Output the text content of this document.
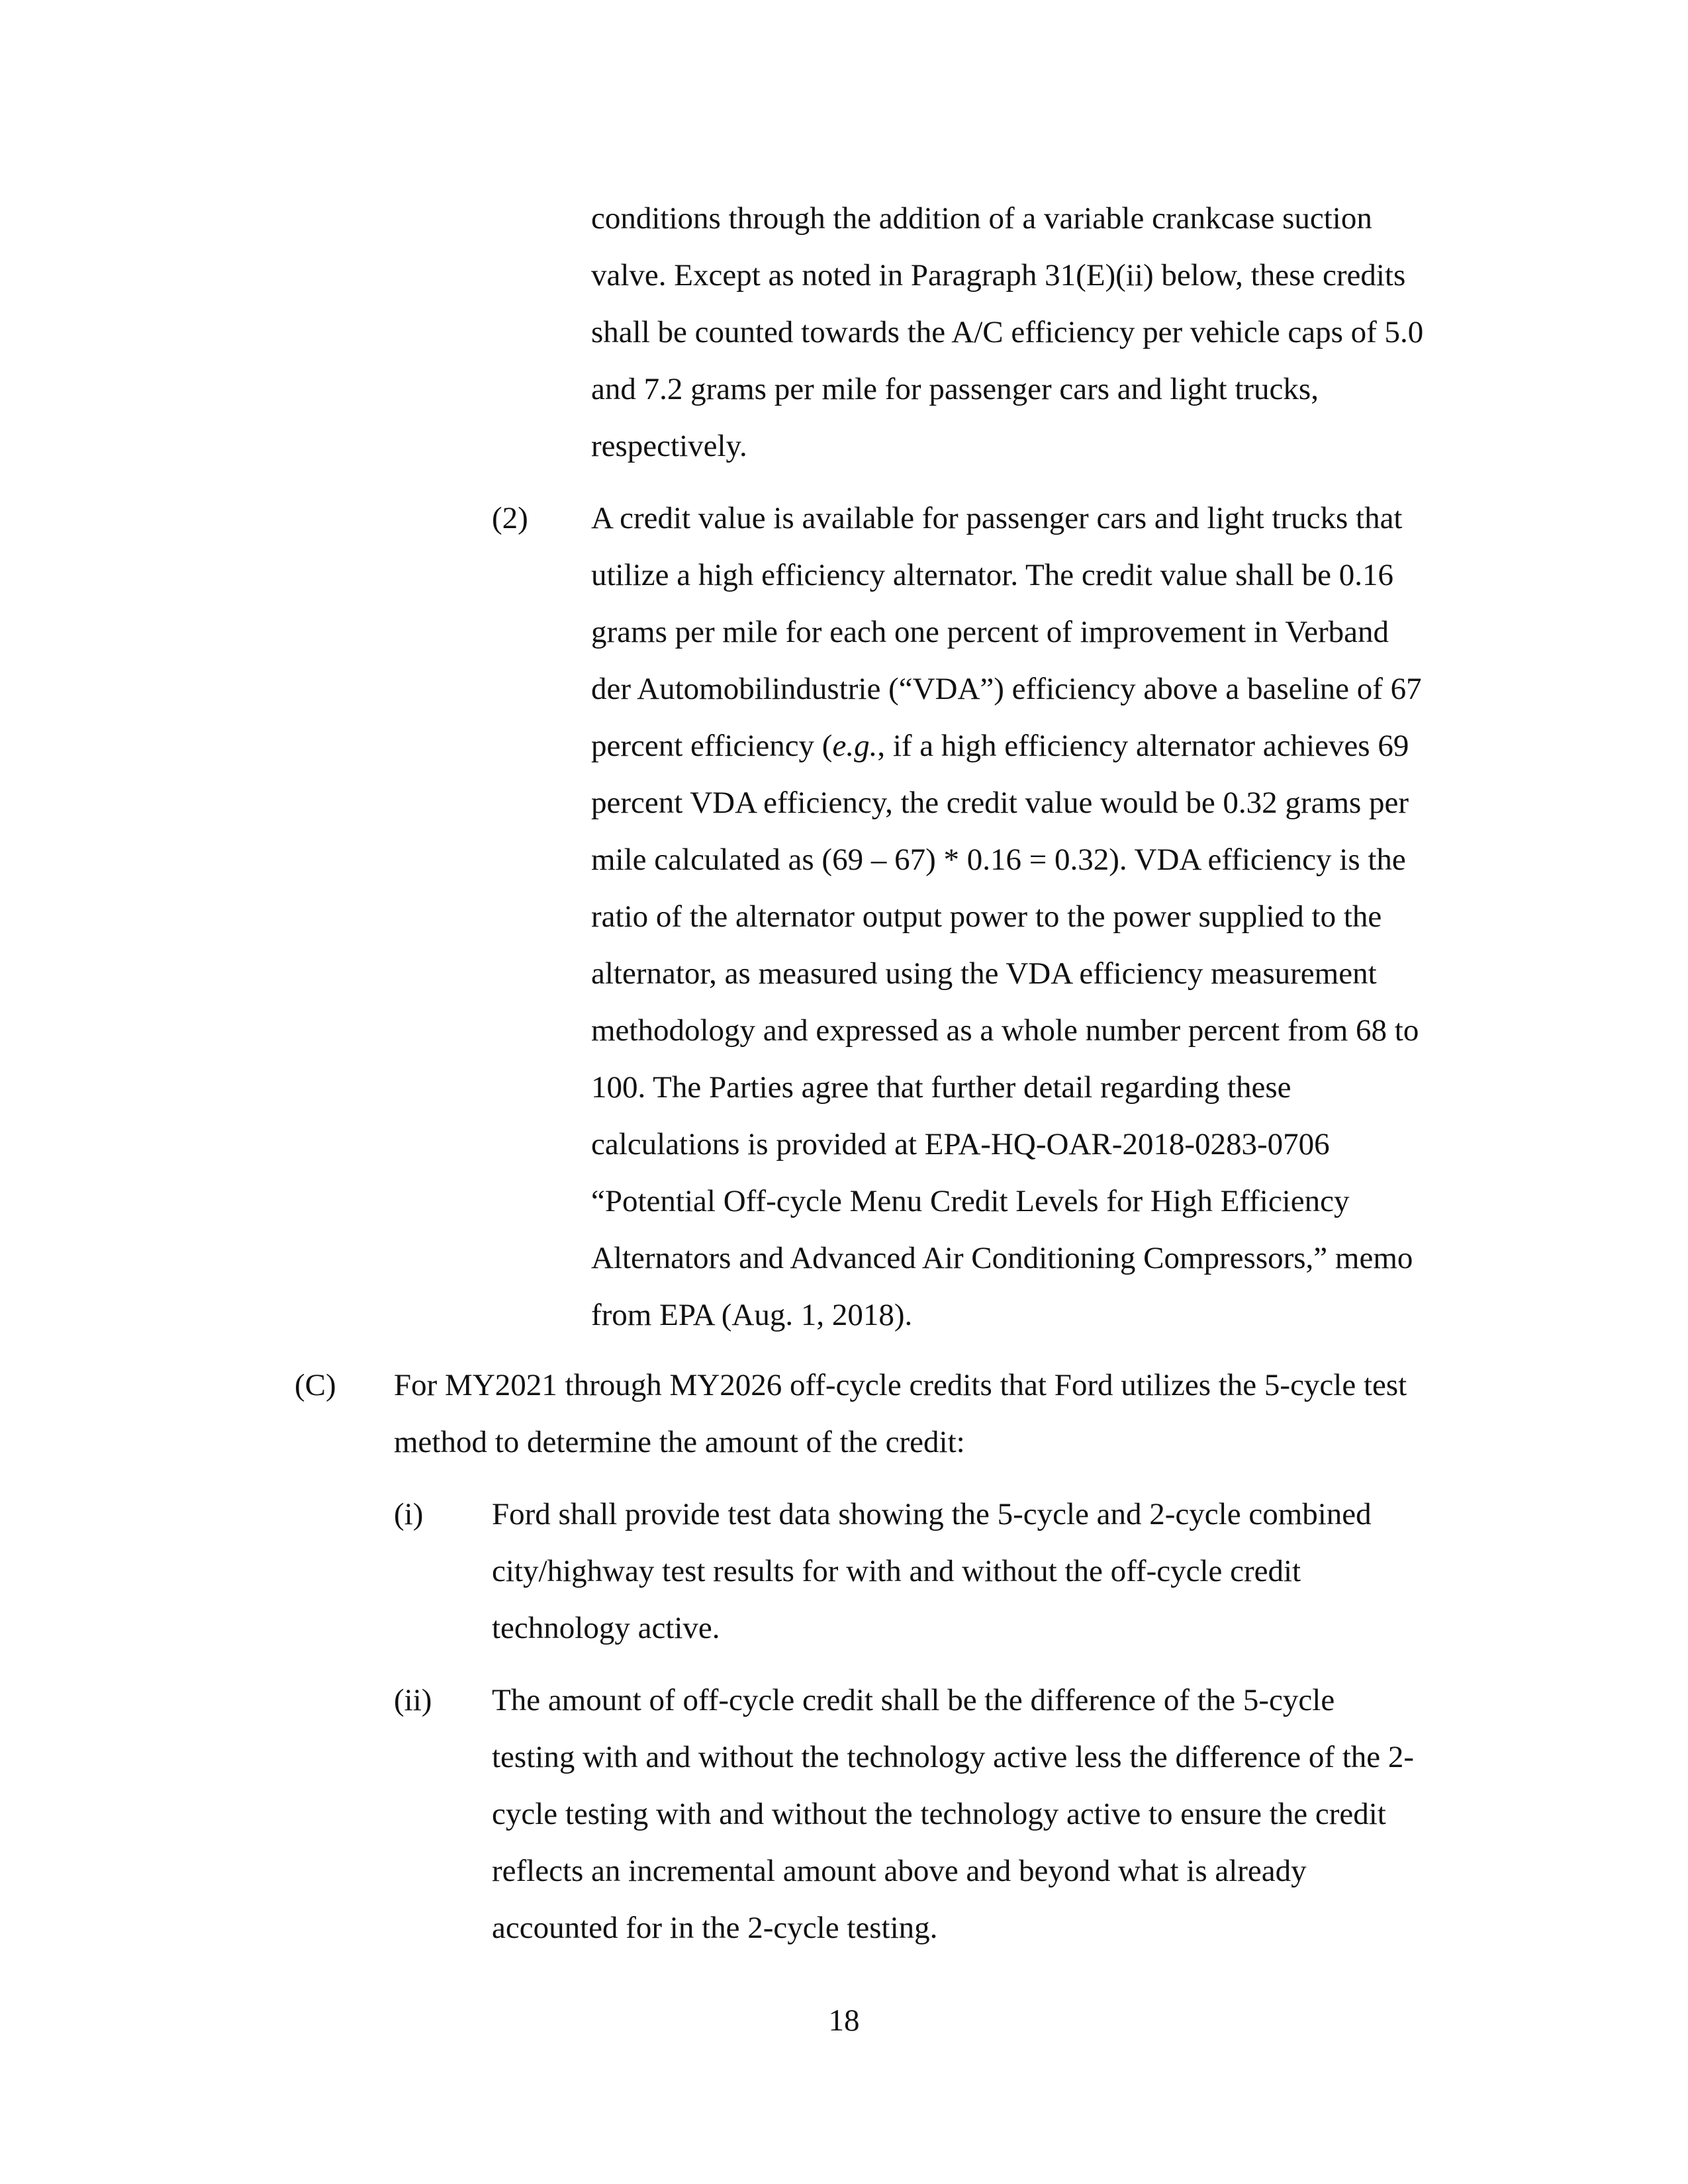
conditions through the addition of a variable crankcase suction
valve. Except as noted in Paragraph 31(E)(ii) below, these credits
shall be counted towards the A/C efficiency per vehicle caps of 5.0
and 7.2 grams per mile for passenger cars and light trucks,
respectively.
(2) A credit value is available for passenger cars and light trucks that
utilize a high efficiency alternator. The credit value shall be 0.16
grams per mile for each one percent of improvement in Verband
der Automobilindustrie (“VDA”) efficiency above a baseline of 67
percent efficiency (e.g., if a high efficiency alternator achieves 69
percent VDA efficiency, the credit value would be 0.32 grams per
mile calculated as (69 – 67) * 0.16 = 0.32). VDA efficiency is the
ratio of the alternator output power to the power supplied to the
alternator, as measured using the VDA efficiency measurement
methodology and expressed as a whole number percent from 68 to
100. The Parties agree that further detail regarding these
calculations is provided at EPA-HQ-OAR-2018-0283-0706
“Potential Off-cycle Menu Credit Levels for High Efficiency
Alternators and Advanced Air Conditioning Compressors,” memo
from EPA (Aug. 1, 2018).
(C) For MY2021 through MY2026 off-cycle credits that Ford utilizes the 5-cycle test
method to determine the amount of the credit:
(i) Ford shall provide test data showing the 5-cycle and 2-cycle combined
city/highway test results for with and without the off-cycle credit
technology active.
(ii) The amount of off-cycle credit shall be the difference of the 5-cycle
testing with and without the technology active less the difference of the 2-
cycle testing with and without the technology active to ensure the credit
reflects an incremental amount above and beyond what is already
accounted for in the 2-cycle testing.
18
